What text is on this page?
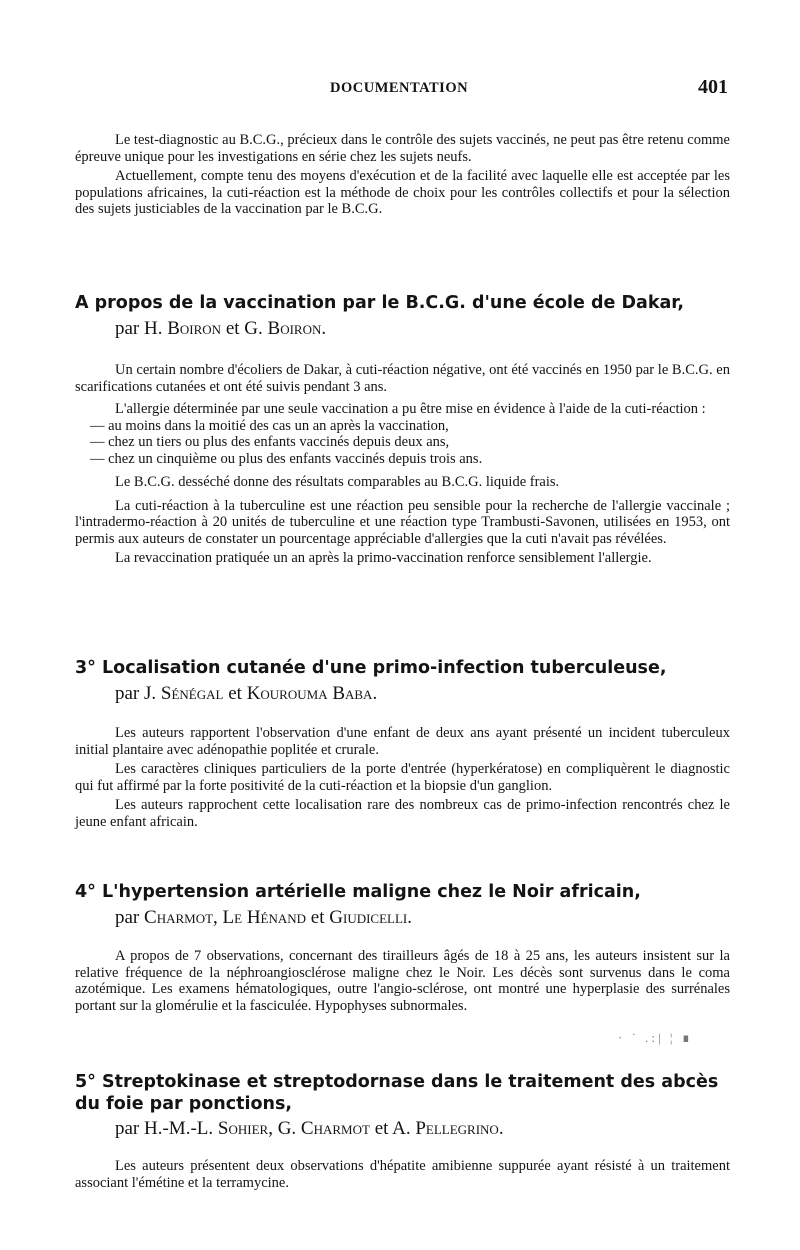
DOCUMENTATION	401

Le test-diagnostic au B.C.G., précieux dans le contrôle des sujets vaccinés, ne peut pas être retenu comme épreuve unique pour les investigations en série chez les sujets neufs.

Actuellement, compte tenu des moyens d'exécution et de la facilité avec laquelle elle est acceptée par les populations africaines, la cuti-réaction est la méthode de choix pour les contrôles collectifs et pour la sélection des sujets justiciables de la vaccination par le B.C.G.

A propos de la vaccination par le B.C.G. d'une école de Dakar,
par H. Boiron et G. Boiron.

Un certain nombre d'écoliers de Dakar, à cuti-réaction négative, ont été vaccinés en 1950 par le B.C.G. en scarifications cutanées et ont été suivis pendant 3 ans.

L'allergie déterminée par une seule vaccination a pu être mise en évidence à l'aide de la cuti-réaction :

— au moins dans la moitié des cas un an après la vaccination,
— chez un tiers ou plus des enfants vaccinés depuis deux ans,
— chez un cinquième ou plus des enfants vaccinés depuis trois ans.

Le B.C.G. desséché donne des résultats comparables au B.C.G. liquide frais.

La cuti-réaction à la tuberculine est une réaction peu sensible pour la recherche de l'allergie vaccinale ; l'intradermo-réaction à 20 unités de tuberculine et une réaction type Trambusti-Savonen, utilisées en 1953, ont permis aux auteurs de constater un pourcentage appréciable d'allergies que la cuti n'avait pas révélées.

La revaccination pratiquée un an après la primo-vaccination renforce sensiblement l'allergie.

3° Localisation cutanée d'une primo-infection tuberculeuse,
par J. Sénégal et Kourouma Baba.

Les auteurs rapportent l'observation d'une enfant de deux ans ayant présenté un incident tuberculeux initial plantaire avec adénopathie poplitée et crurale.

Les caractères cliniques particuliers de la porte d'entrée (hyperkératose) en compliquèrent le diagnostic qui fut affirmé par la forte positivité de la cuti-réaction et la biopsie d'un ganglion.

Les auteurs rapprochent cette localisation rare des nombreux cas de primo-infection rencontrés chez le jeune enfant africain.

4° L'hypertension artérielle maligne chez le Noir africain,
par Charmot, Le Hénand et Giudicelli.

A propos de 7 observations, concernant des tirailleurs âgés de 18 à 25 ans, les auteurs insistent sur la relative fréquence de la néphroangiosclérose maligne chez le Noir. Les décès sont survenus dans le coma azotémique. Les examens hématologiques, outre l'angio-sclérose, ont montré une hyperplasie des surrénales portant sur la glomérulie et la fasciculée. Hypophyses subnormales.

· ˙ .:| ¦ ∎
5° Streptokinase et streptodornase dans le traitement des abcès du foie par ponctions,
par H.-M.-L. Sohier, G. Charmot et A. Pellegrino.

Les auteurs présentent deux observations d'hépatite amibienne suppurée ayant résisté à un traitement associant l'émétine et la terramycine.
